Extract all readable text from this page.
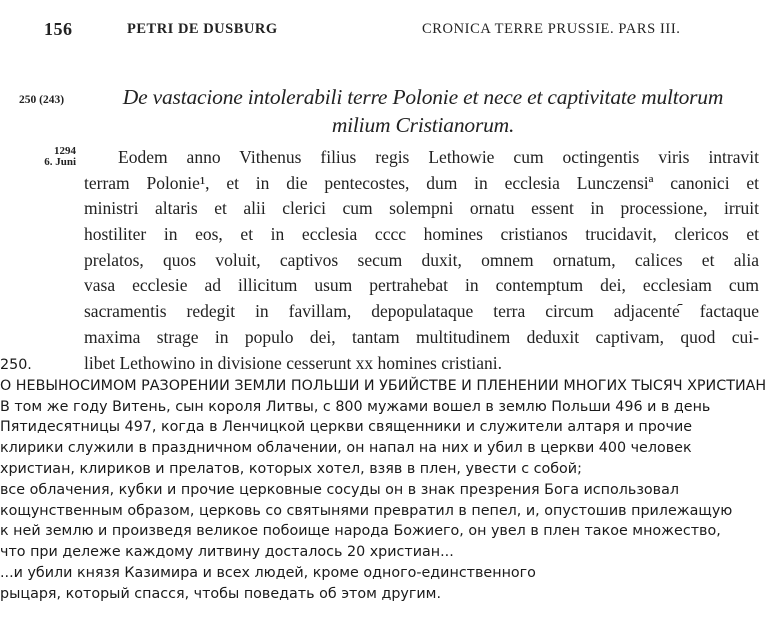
156	PETRI DE DUSBURG	CRONICA TERRE PRUSSIE. PARS III.
250 (243)	De vastacione intolerabili terre Polonie et nece et captivitate multorum
milium Cristianorum.
1294
6. Juni	Eodem anno Vithenus filius regis Lethowie cum octingentis viris intravit
terram Polonie¹, et in die pentecostes, dum in ecclesia Lunczensiª canonici et
ministri altaris et alii clerici cum solempni ornatu essent in processione, irruit
hostiliter in eos, et in ecclesia cccc homines cristianos trucidavit, clericos et
prelatos, quos voluit, captivos secum duxit, omnem ornatum, calices et alia
vasa ecclesie ad illicitum usum pertrahebat in contemptum dei, ecclesiam cum
sacramentis redegit in favillam, depopulataque terra circum adjacente᷇ factaque
maxima strage in populo dei, tantam multitudinem deduxit captivam, quod cui-
libet Lethowino in divisione cesserunt xx homines cristiani.
250.
О НЕВЫНОСИМОМ РАЗОРЕНИИ ЗЕМЛИ ПОЛЬШИ И УБИЙСТВЕ И ПЛЕНЕНИИ МНОГИХ ТЫСЯЧ ХРИСТИАН
В том же году Витень, сын короля Литвы, с 800 мужами вошел в землю Польши 496 и в день
Пятидесятницы 497, когда в Ленчицкой церкви священники и служители алтаря и прочие
клирики служили в праздничном облачении, он напал на них и убил в церкви 400 человек
христиан, клириков и прелатов, которых хотел, взяв в плен, увести с собой;
все облачения, кубки и прочие церковные сосуды он в знак презрения Бога использовал
кощунственным образом, церковь со святынями превратил в пепел, и, опустошив прилежащую
к ней землю и произведя великое побоище народа Божиего, он увел в плен такое множество,
что при дележе каждому литвину досталось 20 христиан...
...и убили князя Казимира и всех людей, кроме одного-единственного
рыцаря, который спасся, чтобы поведать об этом другим.
